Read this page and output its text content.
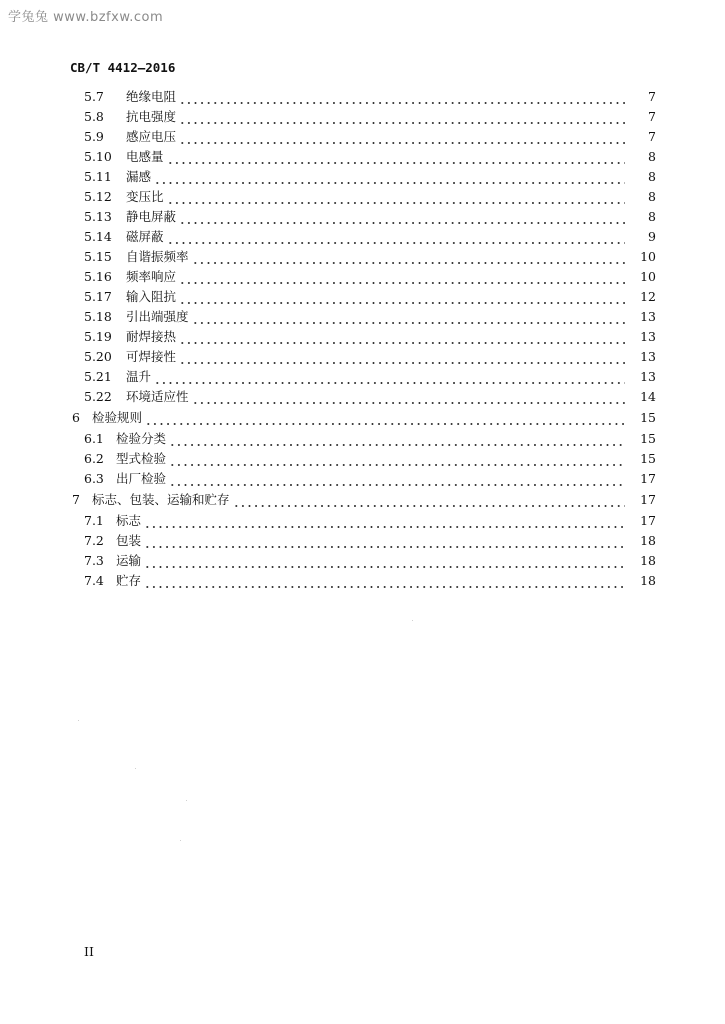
学兔兔 www.bzfxw.com
CB/T 4412—2016
5.7	绝缘电阻	7
5.8	抗电强度	7
5.9	感应电压	7
5.10	电感量	8
5.11	漏感	8
5.12	变压比	8
5.13	静电屏蔽	8
5.14	磁屏蔽	9
5.15	自谐振频率	10
5.16	频率响应	10
5.17	输入阻抗	12
5.18	引出端强度	13
5.19	耐焊接热	13
5.20	可焊接性	13
5.21	温升	13
5.22	环境适应性	14
6 检验规则	15
6.1 检验分类	15
6.2 型式检验	15
6.3 出厂检验	17
7 标志、包装、运输和贮存	17
7.1 标志	17
7.2 包装	18
7.3 运输	18
7.4 贮存	18
II
